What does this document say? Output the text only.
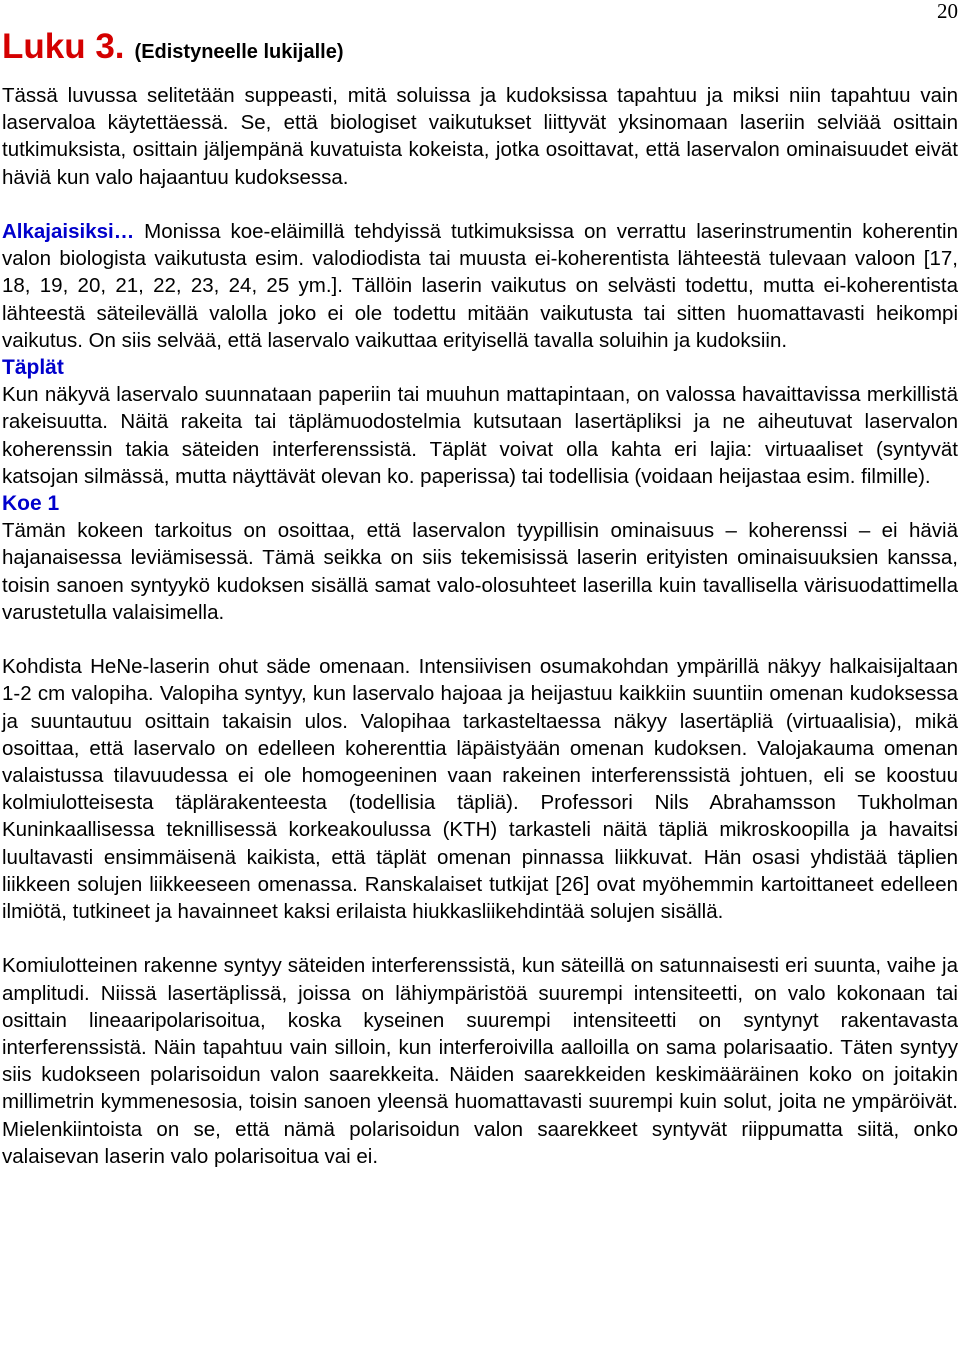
20
Luku 3. (Edistyneelle lukijalle)

Tässä luvussa selitetään suppeasti, mitä soluissa ja kudoksissa tapahtuu ja miksi niin tapahtuu vain laservaloa käytettäessä. Se, että biologiset vaikutukset liittyvät yksinomaan laseriin selviää osittain tutkimuksista, osittain jäljempänä kuvatuista kokeista, jotka osoittavat, että laservalon ominaisuudet eivät häviä kun valo hajaantuu kudoksessa.

Alkajaisiksi… Monissa koe-eläimillä tehdyissä tutkimuksissa on verrattu laserinstrumentin koherentin valon biologista vaikutusta esim. valodiodista tai muusta ei-koherentista lähteestä tulevaan valoon [17, 18, 19, 20, 21, 22, 23, 24, 25 ym.]. Tällöin laserin vaikutus on selvästi todettu, mutta ei-koherentista lähteestä säteilevällä valolla joko ei ole todettu mitään vaikutusta tai sitten huomattavasti heikompi vaikutus. On siis selvää, että laservalo vaikuttaa erityisellä tavalla soluihin ja kudoksiin.

Täplät

Kun näkyvä laservalo suunnataan paperiin tai muuhun mattapintaan, on valossa havaittavissa merkillistä rakeisuutta. Näitä rakeita tai täplämuodostelmia kutsutaan lasertäpliksi ja ne aiheutuvat laservalon koherenssin takia säteiden interferenssistä. Täplät voivat olla kahta eri lajia: virtuaaliset (syntyvät katsojan silmässä, mutta näyttävät olevan ko. paperissa) tai todellisia (voidaan heijastaa esim. filmille).

Koe 1

Tämän kokeen tarkoitus on osoittaa, että laservalon tyypillisin ominaisuus – koherenssi – ei häviä hajanaisessa leviämisessä. Tämä seikka on siis tekemisissä laserin erityisten ominaisuuksien kanssa, toisin sanoen syntyykö kudoksen sisällä samat valo-olosuhteet laserilla kuin tavallisella värisuodattimella varustetulla valaisimella.

Kohdista HeNe-laserin ohut säde omenaan. Intensiivisen osumakohdan ympärillä näkyy halkaisijaltaan 1-2 cm valopiha. Valopiha syntyy, kun laservalo hajoaa ja heijastuu kaikkiin suuntiin omenan kudoksessa ja suuntautuu osittain takaisin ulos. Valopihaa tarkasteltaessa näkyy lasertäpliä (virtuaalisia), mikä osoittaa, että laservalo on edelleen koherenttia läpäistyään omenan kudoksen. Valojakauma omenan valaistussa tilavuudessa ei ole homogeeninen vaan rakeinen interferenssistä johtuen, eli se koostuu kolmiulotteisesta täplärakenteesta (todellisia täpliä). Professori Nils Abrahamsson Tukholman Kuninkaallisessa teknillisessä korkeakoulussa (KTH) tarkasteli näitä täpliä mikroskoopilla ja havaitsi luultavasti ensimmäisenä kaikista, että täplät omenan pinnassa liikkuvat. Hän osasi yhdistää täplien liikkeen solujen liikkeeseen omenassa. Ranskalaiset tutkijat [26] ovat myöhemmin kartoittaneet edelleen ilmiötä, tutkineet ja havainneet kaksi erilaista hiukkasliikehdintää solujen sisällä.

Komiulotteinen rakenne syntyy säteiden interferenssistä, kun säteillä on satunnaisesti eri suunta, vaihe ja amplitudi. Niissä lasertäplissä, joissa on lähiympäristöä suurempi intensiteetti, on valo kokonaan tai osittain lineaaripolarisoitua, koska kyseinen suurempi intensiteetti on syntynyt rakentavasta interferenssistä. Näin tapahtuu vain silloin, kun interferoivilla aalloilla on sama polarisaatio. Täten syntyy siis kudokseen polarisoidun valon saarekkeita. Näiden saarekkeiden keskimääräinen koko on joitakin millimetrin kymmenesosia, toisin sanoen yleensä huomattavasti suurempi kuin solut, joita ne ympäröivät. Mielenkiintoista on se, että nämä polarisoidun valon saarekkeet syntyvät riippumatta siitä, onko valaisevan laserin valo polarisoitua vai ei.
